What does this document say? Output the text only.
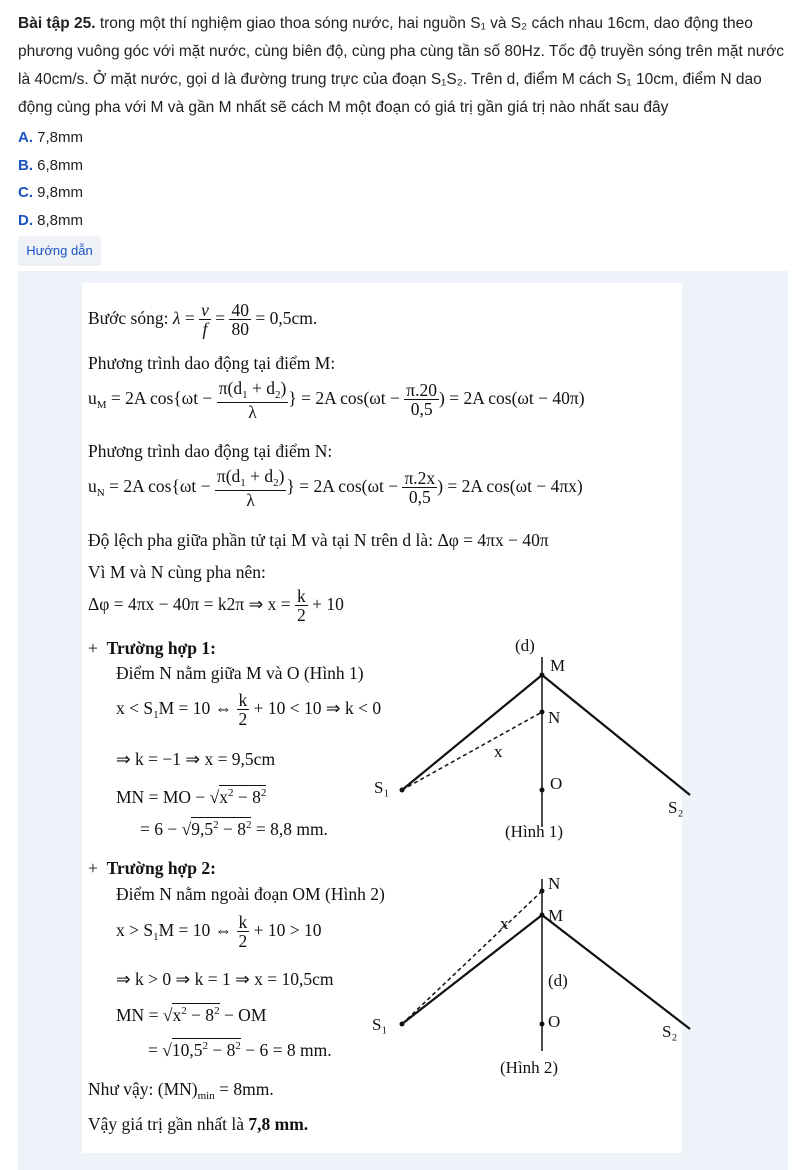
Bài tập 25. trong một thí nghiệm giao thoa sóng nước, hai nguồn S₁ và S₂ cách nhau 16cm, dao động theo phương vuông góc với mặt nước, cùng biên độ, cùng pha cùng tần số 80Hz. Tốc độ truyền sóng trên mặt nước là 40cm/s. Ở mặt nước, gọi d là đường trung trực của đoạn S₁S₂. Trên d, điểm M cách S₁ 10cm, điểm N dao động cùng pha với M và gần M nhất sẽ cách M một đoạn có giá trị gần giá trị nào nhất sau đây
A. 7,8mm
B. 6,8mm
C. 9,8mm
D. 8,8mm
Hướng dẫn
Bước sóng: $\lambda = \frac{v}{f} = \frac{40}{80} = 0,5cm$.
Phương trình dao động tại điểm M:
$u_M = 2A$ $\cos\{\omega t - \frac{\pi(d_1 + d_2)}{\lambda}$ } = 2A $\cos(\omega t - \frac{\pi.20}{0,5}$ ) = 2A cos(ωt − 40π)
Phương trình dao động tại điểm N:
$u_N = 2A$ $\cos\{\omega t - \frac{\pi(d_1 + d_2)}{\lambda}$ } = 2A $\cos(\omega t - \frac{\pi.2x}{0,5}$ ) = 2A cos(ωt − 4πx)
Độ lệch pha giữa phần tử tại M và tại N trên d là: Δφ = 4πx − 40π
Vì M và N cùng pha nên:
Δφ = 4πx − 40π = k2π ⇒ $x = \frac{k}{2} + 10$
+  Trường hợp 1:
Điểm N nằm giữa M và O (Hình 1)
$x < S_1M = 10$ ⇔ $\frac{k}{2} + 10 < 10$ ⇒ k < 0
⇒ k = −1 ⇒ x = 9,5cm
MN = MO − $√x^2 - 8^2$
= $6 - √9,5^2 - 8^2 = 8,8$ mm.
+  Trường hợp 2:
Điểm N nằm ngoài đoạn OM (Hình 2)
$x > S_1M = 10$ ⇔ $\frac{k}{2} + 10 > 10$
⇒ k > 0 ⇒ k = 1 ⇒ x = 10,5cm
MN = $√x^2 - 8^2$ − OM
= $√10,5^2 - 8^2 - 6 = 8$ mm.
Như vậy: $(MN)_{min} = 8mm$.
Vậy giá trị gần nhất là 7,8 mm.
(d)
M
N
x
O
S₁
S₂
(Hình 1)
N
M
x
(d)
O
S₁	S₂
(Hình 2)
